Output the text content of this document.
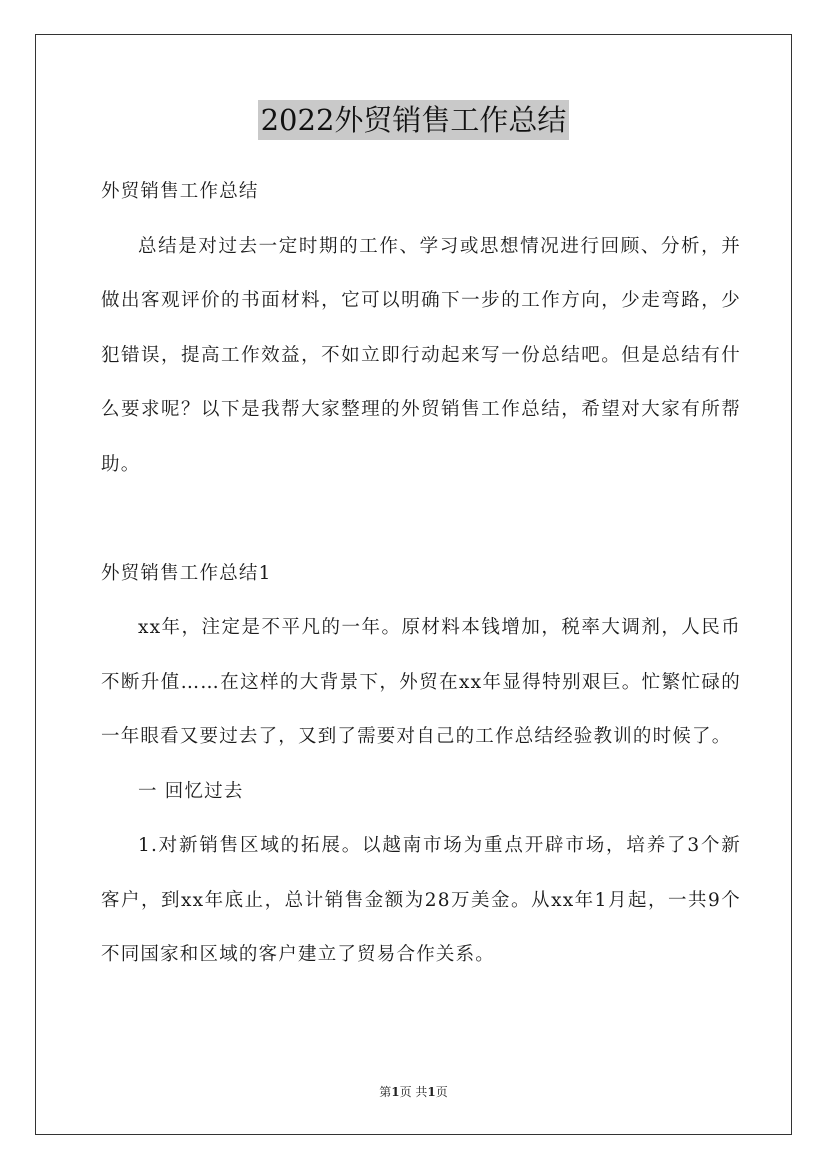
2022外贸销售工作总结

外贸销售工作总结

总结是对过去一定时期的工作、学习或思想情况进行回顾、分析，并做出客观评价的书面材料，它可以明确下一步的工作方向，少走弯路，少犯错误，提高工作效益，不如立即行动起来写一份总结吧。但是总结有什么要求呢？以下是我帮大家整理的外贸销售工作总结，希望对大家有所帮助。

外贸销售工作总结1

xx年，注定是不平凡的一年。原材料本钱增加，税率大调剂，人民币不断升值……在这样的大背景下，外贸在xx年显得特别艰巨。忙繁忙碌的一年眼看又要过去了，又到了需要对自己的工作总结经验教训的时候了。

一 回忆过去

1.对新销售区域的拓展。以越南市场为重点开辟市场，培养了3个新客户，到xx年底止，总计销售金额为28万美金。从xx年1月起，一共9个不同国家和区域的客户建立了贸易合作关系。

第1页 共1页
